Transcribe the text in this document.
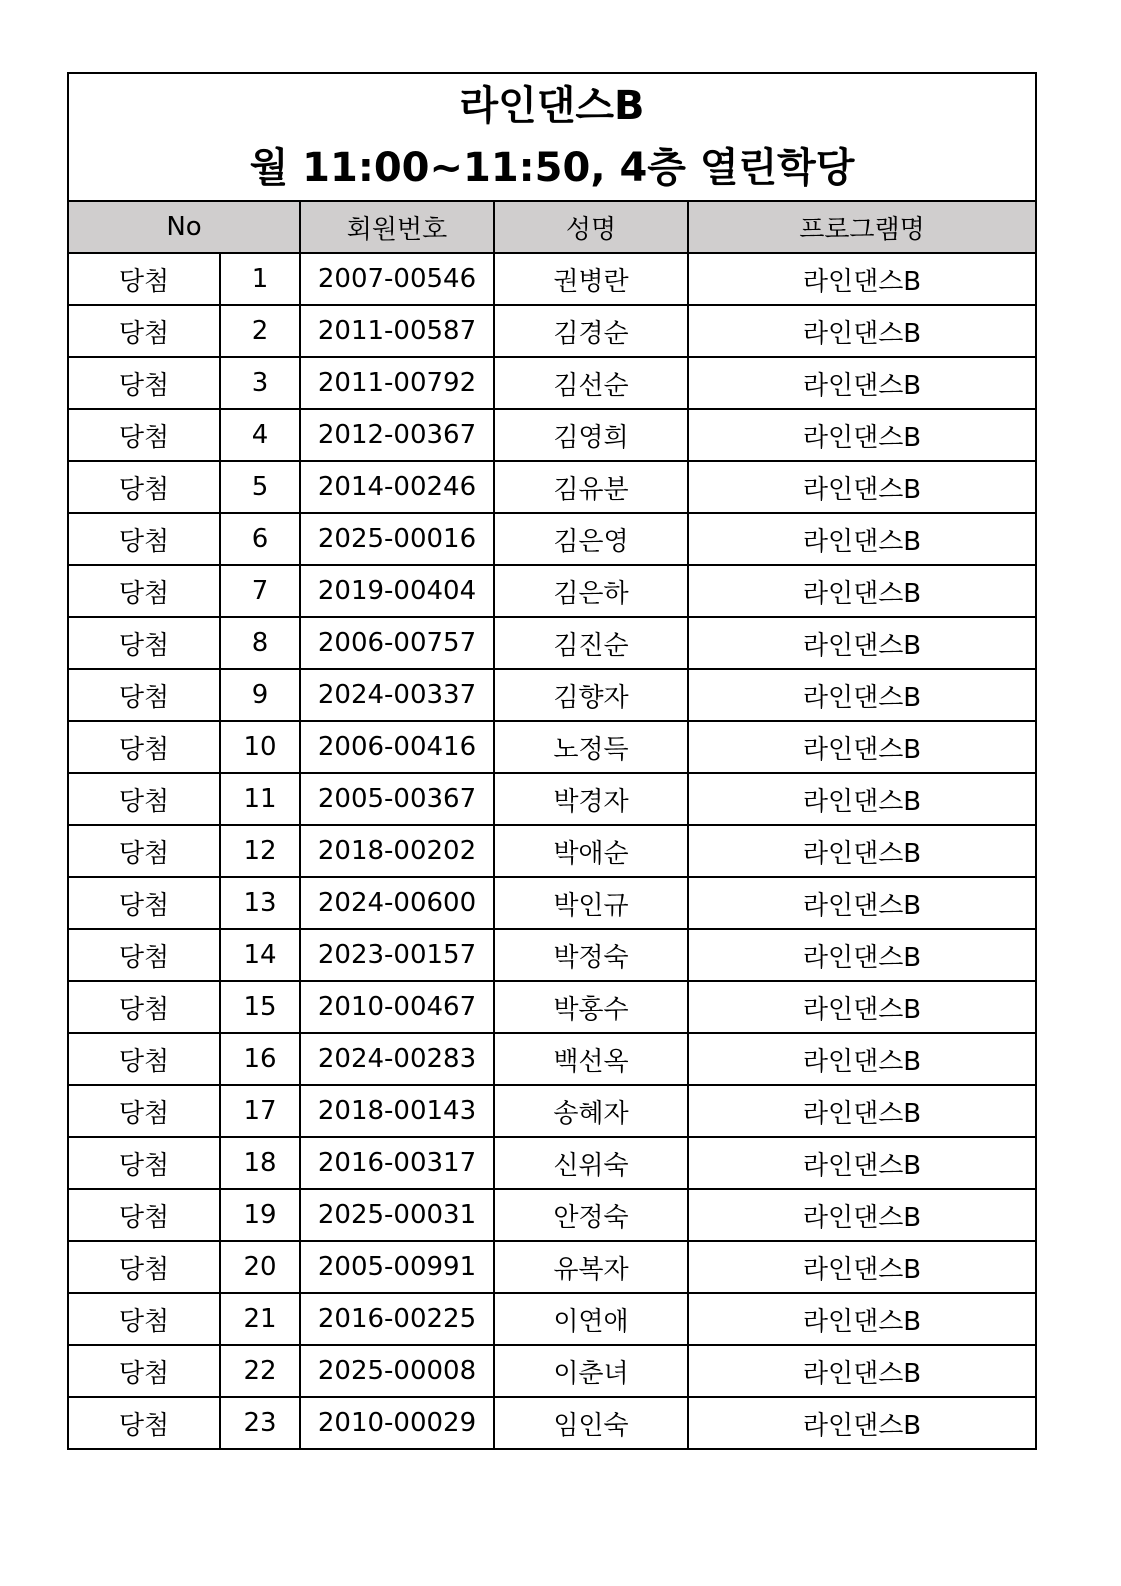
라인댄스B
월 11:00~11:50, 4층 열린학당				

No		회원번호	성명	프로그램명
당첨	1	2007-00546	권병란	라인댄스B
당첨	2	2011-00587	김경순	라인댄스B
당첨	3	2011-00792	김선순	라인댄스B
당첨	4	2012-00367	김영희	라인댄스B
당첨	5	2014-00246	김유분	라인댄스B
당첨	6	2025-00016	김은영	라인댄스B
당첨	7	2019-00404	김은하	라인댄스B
당첨	8	2006-00757	김진순	라인댄스B
당첨	9	2024-00337	김향자	라인댄스B
당첨	10	2006-00416	노정득	라인댄스B
당첨	11	2005-00367	박경자	라인댄스B
당첨	12	2018-00202	박애순	라인댄스B
당첨	13	2024-00600	박인규	라인댄스B
당첨	14	2023-00157	박정숙	라인댄스B
당첨	15	2010-00467	박홍수	라인댄스B
당첨	16	2024-00283	백선옥	라인댄스B
당첨	17	2018-00143	송혜자	라인댄스B
당첨	18	2016-00317	신위숙	라인댄스B
당첨	19	2025-00031	안정숙	라인댄스B
당첨	20	2005-00991	유복자	라인댄스B
당첨	21	2016-00225	이연애	라인댄스B
당첨	22	2025-00008	이춘녀	라인댄스B
당첨	23	2010-00029	임인숙	라인댄스B
